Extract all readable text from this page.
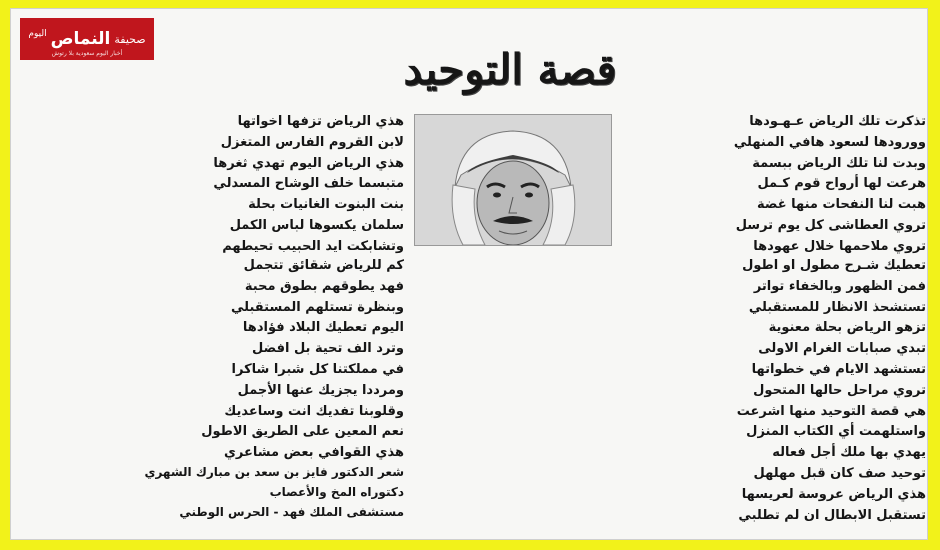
صحيفة
النماص
اليوم
أخبار اليوم سعودية بلا رتوش	قصة التوحيد
تذكرت تلك الرياض عـهـودها
وورودها لسعود هافي المنهلي
وبدت لنا تلك الرياض ببسمة
هرعت لها أرواح قوم كـمل
هبت لنا النفحات منها غضة
تروي العطاشى كل يوم ترسل
تروي ملاحمها خلال عهودها
هذي الرياض تزفها اخواتها
لابن القروم الفارس المتغزل
هذي الرياض اليوم تهدي ثغرها
متبسما خلف الوشاح المسدلي
بنت البنوت الغانيات بحلة
سلمان يكسوها لباس الكمل
وتشابكت ايد الحبيب تحيطهم
تعطيك شـرح مطول او اطول
فمن الظهور وبالخفاء تواتر
تستشحذ الانظار للمستقبلي
تزهو الرياض بحلة معنوية
تبدي صبابات الغرام الاولى
تستشهد الايام في خطواتها
تروي مراحل حالها المتحول
هي قصة التوحيد منها اشرعت
واستلهمت أي الكتاب المنزل
يهدي بها ملك أجل فعاله
توحيد صف كان قبل مهلهل
هذي الرياض عروسة لعريسها
تستقبل الابطال ان لم تطلبي
كم للرياض شقائق تتجمل
فهد يطوقهم بطوق محبة
وبنظرة تستلهم المستقبلي
اليوم تعطيك البلاد فؤادها
وترد الف تحية بل افضل
في مملكتنا كل شبرا شاكرا
ومرددا يجزيك عنها الأجمل
وقلوبنا تفديك انت وساعديك
نعم المعين على الطريق الاطول
هذي القوافي بعض مشاعري
شعر الدكتور فايز بن سعد بن مبارك الشهري
دكتوراه المخ والأعصاب
مستشفى الملك فهد - الحرس الوطني
